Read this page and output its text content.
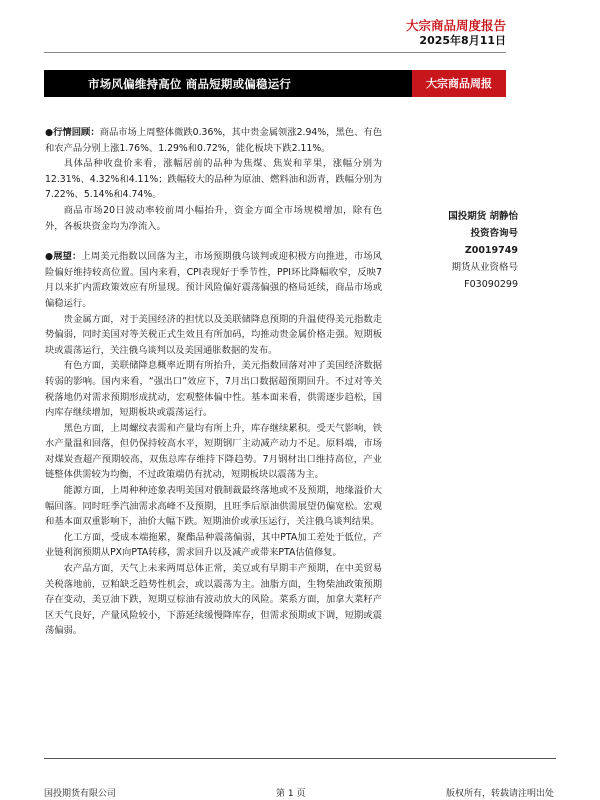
大宗商品周度报告
2025年8月11日
市场风偏维持高位 商品短期或偏稳运行	大宗商品周报

●行情回顾：商品市场上周整体微跌0.36%，其中贵金属领涨2.94%，黑色、有色和农产品分别上涨1.76%、1.29%和0.72%，能化板块下跌2.11%。

具体品种收盘价来看，涨幅居前的品种为焦煤、焦炭和苹果，涨幅分别为12.31%、4.32%和4.11%；跌幅较大的品种为原油、燃料油和沥青，跌幅分别为7.22%、5.14%和4.74%。

商品市场20日波动率较前周小幅抬升，资金方面全市场规模增加，除有色外，各板块资金均为净流入。

●展望：上周美元指数以回落为主，市场预期俄乌谈判或迎积极方向推进，市场风险偏好维持较高位置。国内来看，CPI表现好于季节性，PPI环比降幅收窄，反映7月以来扩内需政策效应有所显现。预计风险偏好震荡偏强的格局延续，商品市场或偏稳运行。

贵金属方面，对于美国经济的担忧以及美联储降息预期的升温使得美元指数走势偏弱，同时美国对等关税正式生效且有所加码，均推动贵金属价格走强。短期板块或震荡运行，关注俄乌谈判以及美国通胀数据的发布。

有色方面，美联储降息概率近期有所抬升，美元指数回落对冲了美国经济数据转弱的影响。国内来看，“强出口”效应下，7月出口数据超预期回升。不过对等关税落地仍对需求预期形成扰动，宏观整体偏中性。基本面来看，供需逐步趋松，国内库存继续增加，短期板块或震荡运行。

黑色方面，上周螺纹表需和产量均有所上升，库存继续累积。受天气影响，铁水产量温和回落，但仍保持较高水平，短期钢厂主动减产动力不足。原料端，市场对煤炭查超产预期较高，双焦总库存维持下降趋势。7月钢材出口维持高位，产业链整体供需较为均衡，不过政策端仍有扰动，短期板块以震荡为主。

能源方面，上周种种迹象表明美国对俄制裁最终落地或不及预期，地缘溢价大幅回落。同时旺季汽油需求高峰不及预期，且旺季后原油供需展望仍偏宽松。宏观和基本面双重影响下，油价大幅下跌。短期油价或承压运行，关注俄乌谈判结果。

化工方面，受成本端拖累，聚酯品种震荡偏弱，其中PTA加工差处于低位，产业链利润预期从PX向PTA转移，需求回升以及减产或带来PTA估值修复。

农产品方面，天气上未来两周总体正常，美豆或有早期丰产预期，在中美贸易关税落地前，豆粕缺乏趋势性机会，或以震荡为主。油脂方面，生物柴油政策预期存在变动，美豆油下跌，短期豆棕油有波动放大的风险。菜系方面，加拿大菜籽产区天气良好，产量风险较小，下游延续缓慢降库存，但需求预期或下调，短期或震荡偏弱。

国投期货 胡静怡
投资咨询号
Z0019749
期货从业资格号
F03090299
国投期货有限公司	第 1 页	版权所有，转载请注明出处
